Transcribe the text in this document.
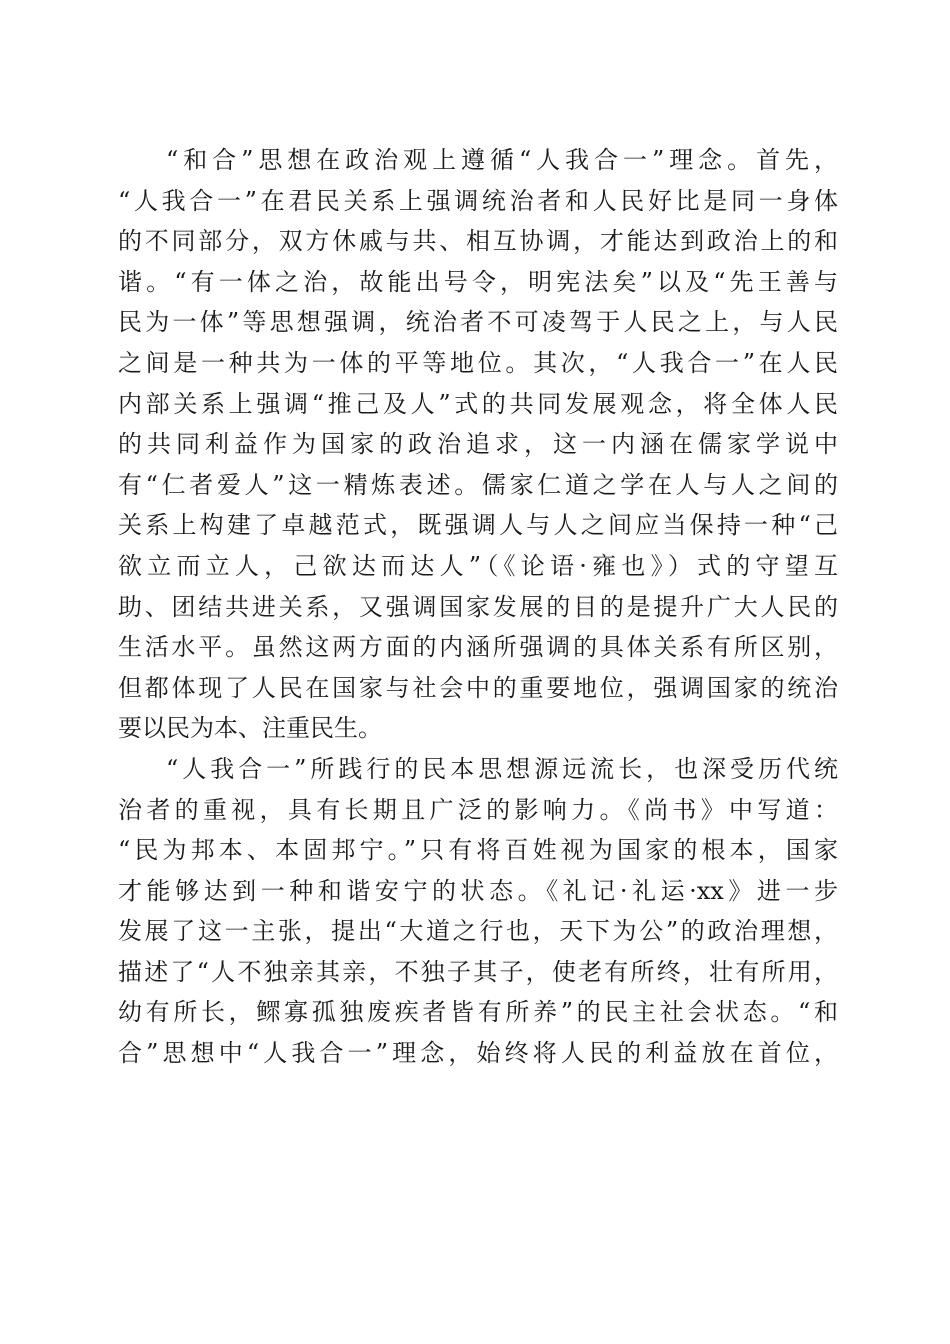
“和合”思想在政治观上遵循“人我合一”理念。首先，
“人我合一”在君民关系上强调统治者和人民好比是同一身体
的不同部分，双方休戚与共、相互协调，才能达到政治上的和
谐。“有一体之治，故能出号令，明宪法矣”以及“先王善与
民为一体”等思想强调，统治者不可凌驾于人民之上，与人民
之间是一种共为一体的平等地位。其次，“人我合一”在人民
内部关系上强调“推己及人”式的共同发展观念，将全体人民
的共同利益作为国家的政治追求，这一内涵在儒家学说中
有“仁者爱人”这一精炼表述。儒家仁道之学在人与人之间的
关系上构建了卓越范式，既强调人与人之间应当保持一种“己
欲立而立人，己欲达而达人”（《论语·雍也》）式的守望互
助、团结共进关系，又强调国家发展的目的是提升广大人民的
生活水平。虽然这两方面的内涵所强调的具体关系有所区别，
但都体现了人民在国家与社会中的重要地位，强调国家的统治
要以民为本、注重民生。
“人我合一”所践行的民本思想源远流长，也深受历代统
治者的重视，具有长期且广泛的影响力。《尚书》中写道：
“民为邦本、本固邦宁。”只有将百姓视为国家的根本，国家
才能够达到一种和谐安宁的状态。《礼记·礼运·xx》进一步
发展了这一主张，提出“大道之行也，天下为公”的政治理想，
描述了“人不独亲其亲，不独子其子，使老有所终，壮有所用，
幼有所长，鳏寡孤独废疾者皆有所养”的民主社会状态。“和
合”思想中“人我合一”理念，始终将人民的利益放在首位，
